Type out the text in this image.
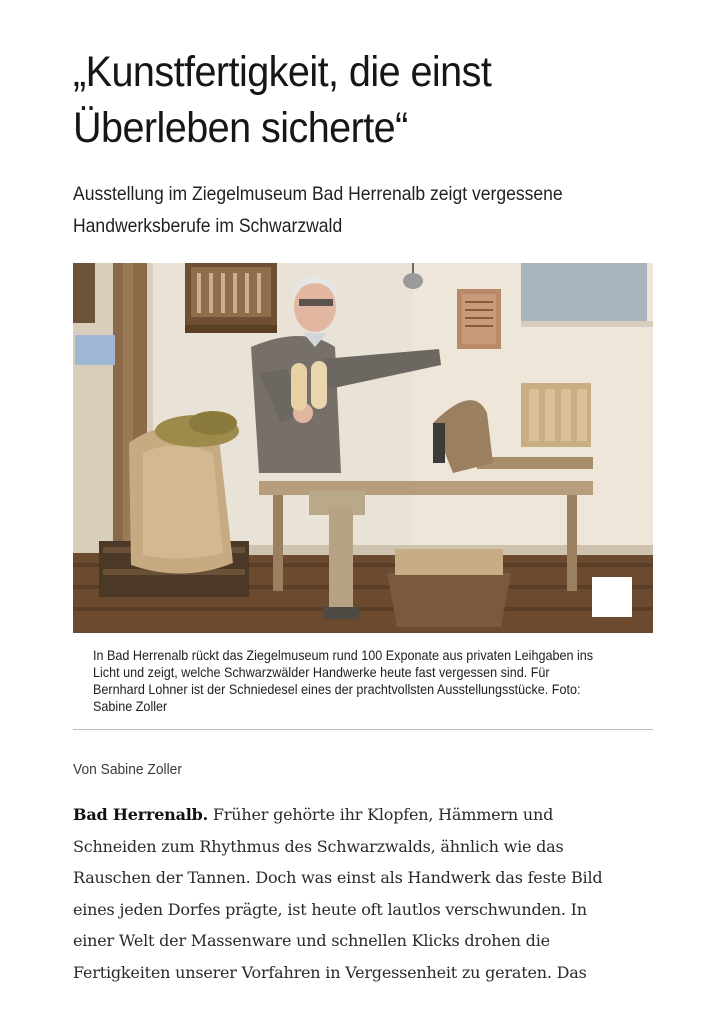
„Kunstfertigkeit, die einst
Überleben sicherte“
Ausstellung im Ziegelmuseum Bad Herrenalb zeigt vergessene
Handwerksberufe im Schwarzwald
In Bad Herrenalb rückt das Ziegelmuseum rund 100 Exponate aus privaten Leihgaben ins
Licht und zeigt, welche Schwarzwälder Handwerke heute fast vergessen sind. Für
Bernhard Lohner ist der Schniedesel eines der prachtvollsten Ausstellungsstücke. Foto:
Sabine Zoller
Von Sabine Zoller

Bad Herrenalb. Früher gehörte ihr Klopfen, Hämmern und
Schneiden zum Rhythmus des Schwarzwalds, ähnlich wie das
Rauschen der Tannen. Doch was einst als Handwerk das feste Bild
eines jeden Dorfes prägte, ist heute oft lautlos verschwunden. In
einer Welt der Massenware und schnellen Klicks drohen die
Fertigkeiten unserer Vorfahren in Vergessenheit zu geraten. Das
